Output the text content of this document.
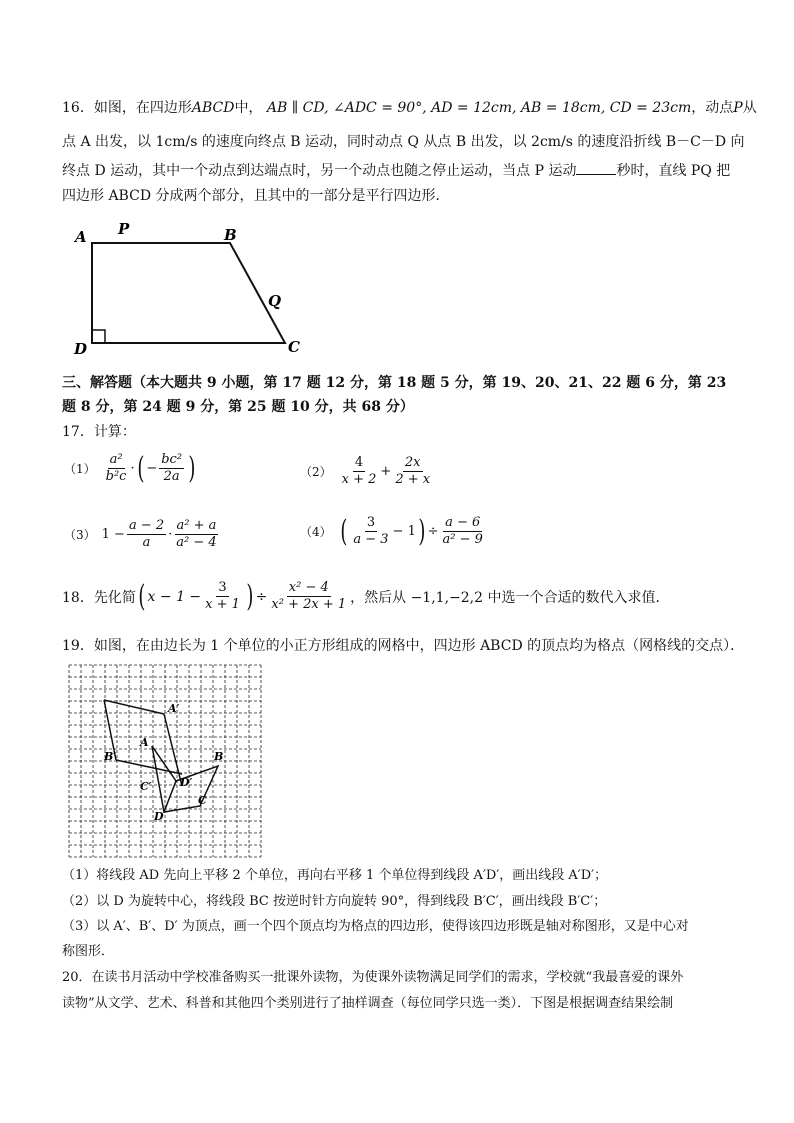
16．如图，在四边形ABCD中， AB ∥ CD, ∠ADC = 90°, AD = 12cm, AB = 18cm, CD = 23cm，动点P从
点 A 出发，以 1cm/s 的速度向终点 B 运动，同时动点 Q 从点 B 出发，以 2cm/s 的速度沿折线 B－C－D 向
终点 D 运动，其中一个动点到达端点时，另一个动点也随之停止运动，当点 P 运动	秒时，直线 PQ 把
四边形 ABCD 分成两个部分，且其中的一部分是平行四边形．
A P	B
Q
D	C
三、解答题（本大题共 9 小题，第 17 题 12 分，第 18 题 5 分，第 19、20、21、22 题 6 分，第 23
题 8 分，第 24 题 9 分，第 25 题 10 分，共 68 分）
17．计算：
$(1) \frac{\text{a²}}{\text{b²c}}$ · ( − $\frac{\text{bc²}}{2a}$ )	$(2) \frac{4}{x + 2} + \frac{2x}{2 + x}$
（3） $1 - \frac{a - 2}{a} \cdot \frac{\text{a² + a}}{\text{a² − 4}}$	（4） ( $\frac{3}{a - 3} - 1$ ) ÷ $\frac{a - 6}{\text{a² − 9}}$
18．先化简 ( $x - 1 - \frac{3}{x + 1}$ ) ÷ $\frac{\text{x² − 4}}{\text{x² + 2x + 1}}$ ，然后从 −1,1,−2,2 中选一个合适的数代入求值．
19．如图，在由边长为 1 个单位的小正方形组成的网格中，四边形 ABCD 的顶点均为格点（网格线的交点）．
A′
A
B
B′
C′	D′
C
D
（1）将线段 AD 先向上平移 2 个单位，再向右平移 1 个单位得到线段 A′D′，画出线段 A′D′；
（2）以 D 为旋转中心，将线段 BC 按逆时针方向旋转 90°，得到线段 B′C′，画出线段 B′C′；
（3）以 A′、B′、D′ 为顶点，画一个四个顶点均为格点的四边形，使得该四边形既是轴对称图形，又是中心对
称图形．
20．在读书月活动中学校准备购买一批课外读物，为使课外读物满足同学们的需求，学校就“我最喜爱的课外
读物”从文学、艺术、科普和其他四个类别进行了抽样调查（每位同学只选一类）．下图是根据调查结果绘制
